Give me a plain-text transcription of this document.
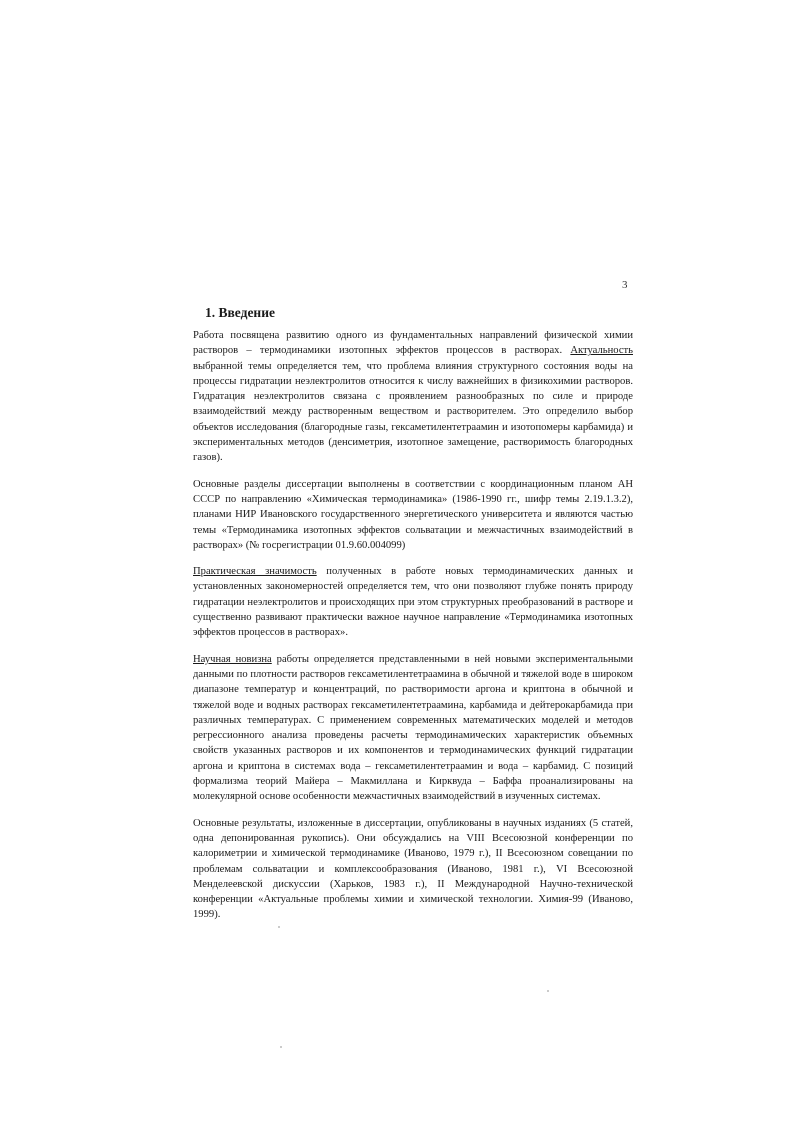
3
1. Введение

Работа посвящена развитию одного из фундаментальных направлений физической химии растворов – термодинамики изотопных эффектов процессов в растворах. Актуальность выбранной темы определяется тем, что проблема влияния структурного состояния воды на процессы гидратации неэлектролитов относится к числу важнейших в физикохимии растворов. Гидратация неэлектролитов связана с проявлением разнообразных по силе и природе взаимодействий между растворенным веществом и растворителем. Это определило выбор объектов исследования (благородные газы, гексаметилентетраамин и изотопомеры карбамида) и экспериментальных методов (денсиметрия, изотопное замещение, растворимость благородных газов).

Основные разделы диссертации выполнены в соответствии с координационным планом АН СССР по направлению «Химическая термодинамика» (1986-1990 гг., шифр темы 2.19.1.3.2), планами НИР Ивановского государственного энергетического университета и являются частью темы «Термодинамика изотопных эффектов сольватации и межчастичных взаимодействий в растворах» (№ госрегистрации 01.9.60.004099)

Практическая значимость полученных в работе новых термодинамических данных и установленных закономерностей определяется тем, что они позволяют глубже понять природу гидратации неэлектролитов и происходящих при этом структурных преобразований в растворе и существенно развивают практически важное научное направление «Термодинамика изотопных эффектов процессов в растворах».

Научная новизна работы определяется представленными в ней новыми экспериментальными данными по плотности растворов гексаметилентетраамина в обычной и тяжелой воде в широком диапазоне температур и концентраций, по растворимости аргона и криптона в обычной и тяжелой воде и водных растворах гексаметилентетраамина, карбамида и дейтерокарбамида при различных температурах. С применением современных математических моделей и методов регрессионного анализа проведены расчеты термодинамических характеристик объемных свойств указанных растворов и их компонентов и термодинамических функций гидратации аргона и криптона в системах вода – гексаметилентетраамин и вода – карбамид. С позиций формализма теорий Майера – Макмиллана и Кирквуда – Баффа проанализированы на молекулярной основе особенности межчастичных взаимодействий в изученных системах.

Основные результаты, изложенные в диссертации, опубликованы в научных изданиях (5 статей, одна депонированная рукопись). Они обсуждались на VIII Всесоюзной конференции по калориметрии и химической термодинамике (Иваново, 1979 г.), II Всесоюзном совещании по проблемам сольватации и комплексообразования (Иваново, 1981 г.), VI Всесоюзной Менделеевской дискуссии (Харьков, 1983 г.), II Международной Научно-технической конференции «Актуальные проблемы химии и химической технологии. Химия-99 (Иваново, 1999).
